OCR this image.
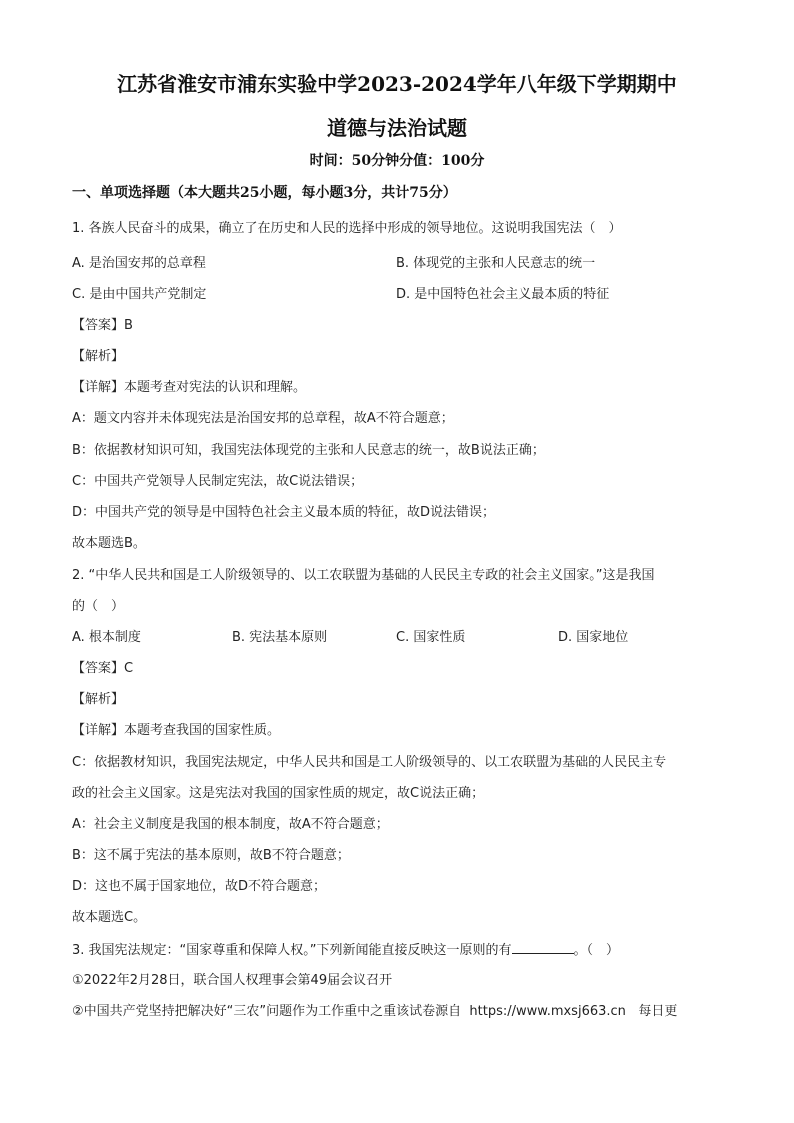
江苏省淮安市浦东实验中学2023-2024学年八年级下学期期中
道德与法治试题
时间：50分钟分值：100分
一、单项选择题（本大题共25小题，每小题3分，共计75分）
1. 各族人民奋斗的成果，确立了在历史和人民的选择中形成的领导地位。这说明我国宪法（　）
A. 是治国安邦的总章程	B. 体现党的主张和人民意志的统一
C. 是由中国共产党制定	D. 是中国特色社会主义最本质的特征
【答案】B
【解析】
【详解】本题考查对宪法的认识和理解。
A：题文内容并未体现宪法是治国安邦的总章程，故A不符合题意；
B：依据教材知识可知，我国宪法体现党的主张和人民意志的统一，故B说法正确；
C：中国共产党领导人民制定宪法，故C说法错误；
D：中国共产党的领导是中国特色社会主义最本质的特征，故D说法错误；
故本题选B。
2. “中华人民共和国是工人阶级领导的、以工农联盟为基础的人民民主专政的社会主义国家。”这是我国
的（　）
A. 根本制度	B. 宪法基本原则	C. 国家性质	D. 国家地位
【答案】C
【解析】
【详解】本题考查我国的国家性质。
C：依据教材知识，我国宪法规定，中华人民共和国是工人阶级领导的、以工农联盟为基础的人民民主专
政的社会主义国家。这是宪法对我国的国家性质的规定，故C说法正确；
A：社会主义制度是我国的根本制度，故A不符合题意；
B：这不属于宪法的基本原则，故B不符合题意；
D：这也不属于国家地位，故D不符合题意；
故本题选C。
3. 我国宪法规定：“国家尊重和保障人权。”下列新闻能直接反映这一原则的有	。（　）
①2022年2月28日，联合国人权理事会第49届会议召开
②中国共产党坚持把解决好“三农”问题作为工作重中之重该试卷源自 https://www.mxsj663.cn 每日更
